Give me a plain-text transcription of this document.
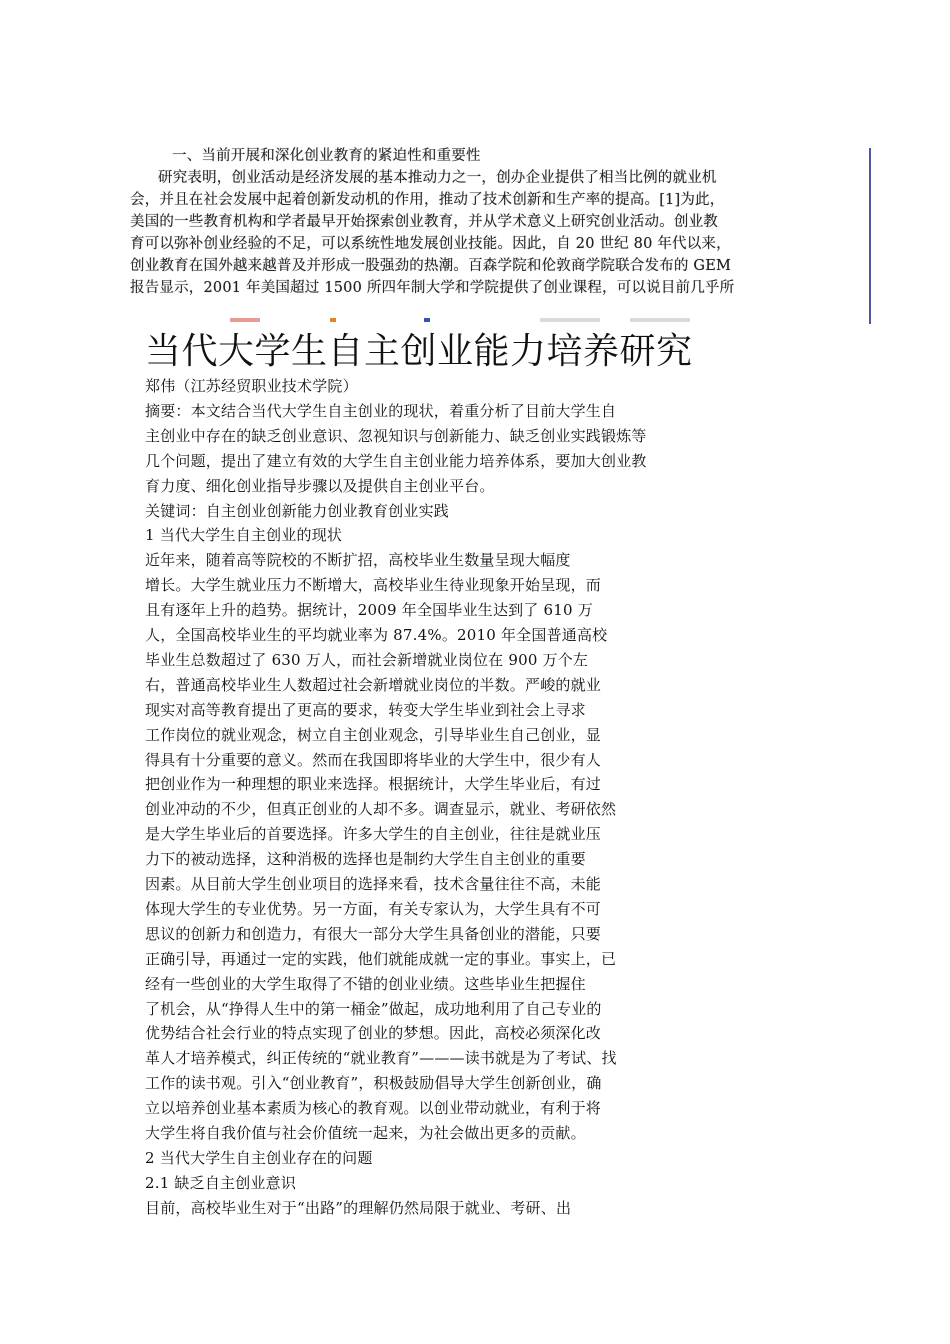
一、当前开展和深化创业教育的紧迫性和重要性
研究表明，创业活动是经济发展的基本推动力之一，创办企业提供了相当比例的就业机
会，并且在社会发展中起着创新发动机的作用，推动了技术创新和生产率的提高。[1]为此，
美国的一些教育机构和学者最早开始探索创业教育，并从学术意义上研究创业活动。创业教
育可以弥补创业经验的不足，可以系统性地发展创业技能。因此，自 20 世纪 80 年代以来，
创业教育在国外越来越普及并形成一股强劲的热潮。百森学院和伦敦商学院联合发布的 GEM
报告显示，2001 年美国超过 1500 所四年制大学和学院提供了创业课程，可以说目前几乎所
当代大学生自主创业能力培养研究
郑伟（江苏经贸职业技术学院）
摘要：本文结合当代大学生自主创业的现状，着重分析了目前大学生自
主创业中存在的缺乏创业意识、忽视知识与创新能力、缺乏创业实践锻炼等
几个问题，提出了建立有效的大学生自主创业能力培养体系，要加大创业教
育力度、细化创业指导步骤以及提供自主创业平台。
关键词：自主创业创新能力创业教育创业实践
1 当代大学生自主创业的现状
近年来，随着高等院校的不断扩招，高校毕业生数量呈现大幅度
增长。大学生就业压力不断增大，高校毕业生待业现象开始呈现，而
且有逐年上升的趋势。据统计，2009 年全国毕业生达到了 610 万
人，全国高校毕业生的平均就业率为 87.4%。2010 年全国普通高校
毕业生总数超过了 630 万人，而社会新增就业岗位在 900 万个左
右，普通高校毕业生人数超过社会新增就业岗位的半数。严峻的就业
现实对高等教育提出了更高的要求，转变大学生毕业到社会上寻求
工作岗位的就业观念，树立自主创业观念，引导毕业生自己创业，显
得具有十分重要的意义。然而在我国即将毕业的大学生中，很少有人
把创业作为一种理想的职业来选择。根据统计，大学生毕业后，有过
创业冲动的不少，但真正创业的人却不多。调查显示，就业、考研依然
是大学生毕业后的首要选择。许多大学生的自主创业，往往是就业压
力下的被动选择，这种消极的选择也是制约大学生自主创业的重要
因素。从目前大学生创业项目的选择来看，技术含量往往不高，未能
体现大学生的专业优势。另一方面，有关专家认为，大学生具有不可
思议的创新力和创造力，有很大一部分大学生具备创业的潜能，只要
正确引导，再通过一定的实践，他们就能成就一定的事业。事实上，已
经有一些创业的大学生取得了不错的创业业绩。这些毕业生把握住
了机会，从“挣得人生中的第一桶金”做起，成功地利用了自己专业的
优势结合社会行业的特点实现了创业的梦想。因此，高校必须深化改
革人才培养模式，纠正传统的“就业教育”———读书就是为了考试、找
工作的读书观。引入“创业教育”，积极鼓励倡导大学生创新创业，确
立以培养创业基本素质为核心的教育观。以创业带动就业，有利于将
大学生将自我价值与社会价值统一起来，为社会做出更多的贡献。
2 当代大学生自主创业存在的问题
2.1 缺乏自主创业意识
目前，高校毕业生对于“出路”的理解仍然局限于就业、考研、出
